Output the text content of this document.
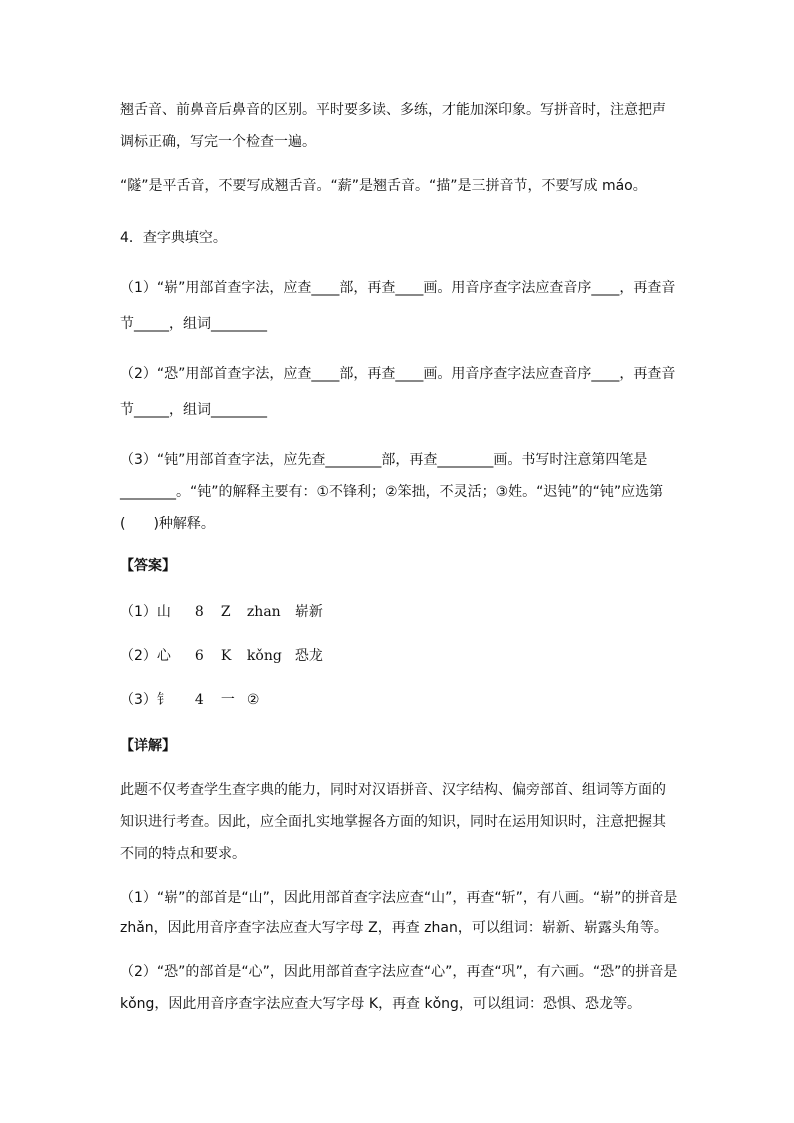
翘舌音、前鼻音后鼻音的区别。平时要多读、多练，才能加深印象。写拼音时，注意把声
调标正确，写完一个检查一遍。
“隧”是平舌音，不要写成翘舌音。“薪”是翘舌音。“描”是三拼音节，不要写成 máo。
4．查字典填空。
（1）“崭”用部首查字法，应查____部，再查____画。用音序查字法应查音序____，再查音
节_____，组词________
（2）“恐”用部首查字法，应查____部，再查____画。用音序查字法应查音序____，再查音
节_____，组词________
（3）“钝”用部首查字法，应先查________部，再查________画。书写时注意第四笔是
________。“钝”的解释主要有：①不锋利；②笨拙，不灵活；③姓。“迟钝”的“钝”应选第
(　　)种解释。
【答案】
（1）山 8 Z zhan 崭新
（2）心 6 K kǒng 恐龙
（3）钅 4 一 ②
【详解】
此题不仅考查学生查字典的能力，同时对汉语拼音、汉字结构、偏旁部首、组词等方面的
知识进行考查。因此，应全面扎实地掌握各方面的知识，同时在运用知识时，注意把握其
不同的特点和要求。
（1）“崭”的部首是“山”，因此用部首查字法应查“山”，再查“斩”，有八画。“崭”的拼音是
zhǎn，因此用音序查字法应查大写字母 Z，再查 zhan，可以组词：崭新、崭露头角等。
（2）“恐”的部首是“心”，因此用部首查字法应查“心”，再查“巩”，有六画。“恐”的拼音是
kǒng，因此用音序查字法应查大写字母 K，再查 kǒng，可以组词：恐惧、恐龙等。
